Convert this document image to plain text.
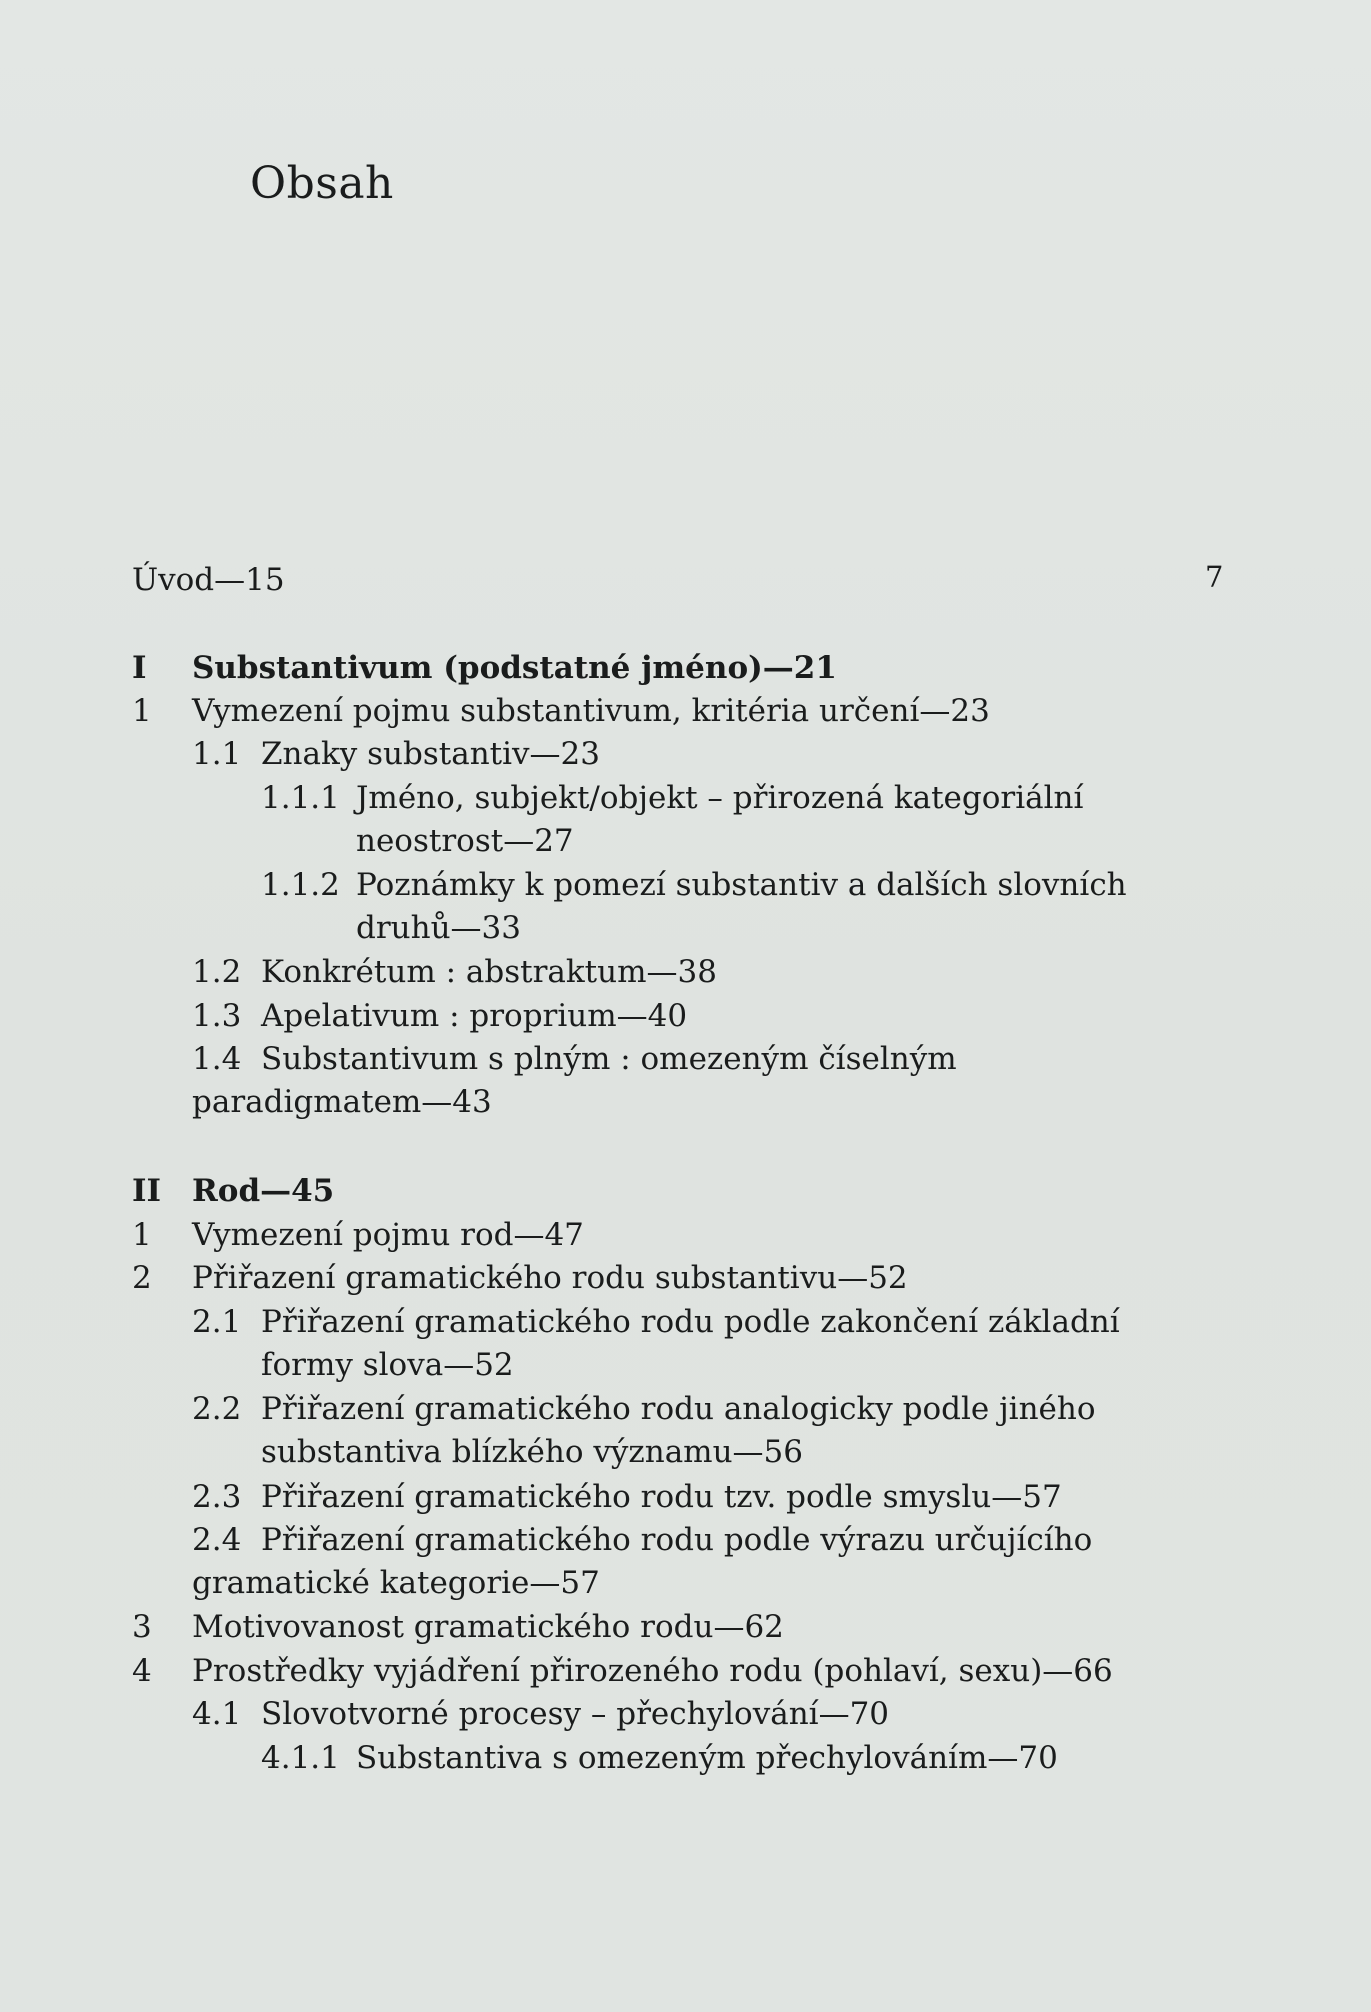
Obsah
7
Úvod—15
I Substantivum (podstatné jméno)—21
1 Vymezení pojmu substantivum, kritéria určení—23
1.1 Znaky substantiv—23
1.1.1 Jméno, subjekt/objekt – přirozená kategoriální
neostrost—27
1.1.2 Poznámky k pomezí substantiv a dalších slovních
druhů—33
1.2 Konkrétum : abstraktum—38
1.3 Apelativum : proprium—40
1.4 Substantivum s plným : omezeným číselným
paradigmatem—43
II Rod—45
1 Vymezení pojmu rod—47
2 Přiřazení gramatického rodu substantivu—52
2.1 Přiřazení gramatického rodu podle zakončení základní
formy slova—52
2.2 Přiřazení gramatického rodu analogicky podle jiného
substantiva blízkého významu—56
2.3 Přiřazení gramatického rodu tzv. podle smyslu—57
2.4 Přiřazení gramatického rodu podle výrazu určujícího
gramatické kategorie—57
3 Motivovanost gramatického rodu—62
4 Prostředky vyjádření přirozeného rodu (pohlaví, sexu)—66
4.1 Slovotvorné procesy – přechylování—70
4.1.1 Substantiva s omezeným přechylováním—70
